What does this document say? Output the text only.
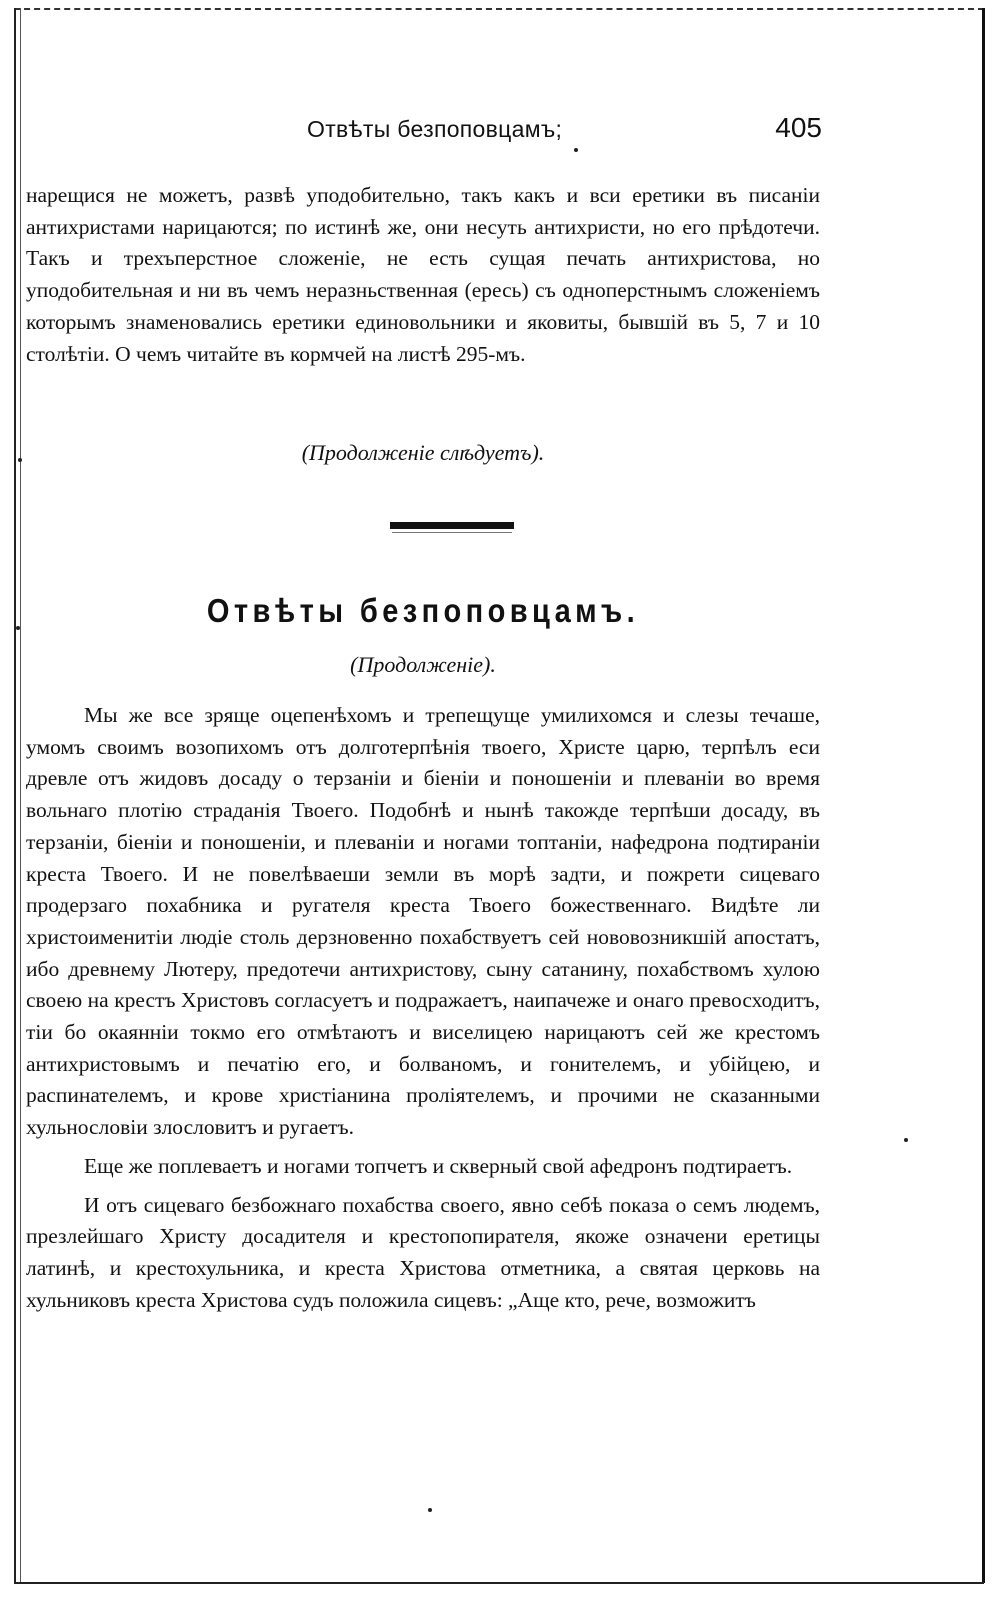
Отвѣты безпоповцамъ;	405

нарещися не можетъ, развѣ уподобительно, такъ какъ и вси еретики въ писаніи антихристами нарицаются; по истинѣ же, они несуть антихристи, но его прѣдотечи. Такъ и трехъперстное сложеніе, не есть сущая печать антихристова, но уподобительная и ни въ чемъ неразньственная (ересь) съ одноперстнымъ сложеніемъ которымъ знаменовались еретики единовольники и яковиты, бывшій въ 5, 7 и 10 столѣтіи. О чемъ читайте въ кормчей на листѣ 295-мъ.

(Продолженіе слѣдуетъ).
Отвѣты безпоповцамъ.
(Продолженіе).

Мы же все зряще оцепенѣхомъ и трепещуще умилихомся и слезы течаше, умомъ своимъ возопихомъ отъ долготерпѣнія твоего, Христе царю, терпѣлъ еси древле отъ жидовъ досаду о терзаніи и біеніи и поношеніи и плеваніи во время вольнаго плотію страданія Твоего. Подобнѣ и нынѣ такожде терпѣши досаду, въ терзаніи, біеніи и поношеніи, и плеваніи и ногами топтаніи, нафедрона подтираніи креста Твоего. И не повелѣваеши земли въ морѣ задти, и пожрети сицеваго продерзаго похабника и ругателя креста Твоего божественнаго. Видѣте ли христоименитіи людіе столь дерзновенно похабствуетъ сей нововозникшій апостатъ, ибо древнему Лютеру, предотечи антихристову, сыну сатанину, похабствомъ хулою своею на крестъ Христовъ согласуетъ и подражаетъ, наипачеже и онаго превосходитъ, тіи бо окаянніи токмо его отмѣтаютъ и виселицею нарицаютъ сей же крестомъ антихристовымъ и печатію его, и болваномъ, и гонителемъ, и убійцею, и распинателемъ, и крове христіанина проліятелемъ, и прочими не сказанными хульнословіи злословитъ и ругаетъ.

Еще же поплеваетъ и ногами топчетъ и скверный свой афедронъ подтираетъ.

И отъ сицеваго безбожнаго похабства своего, явно себѣ показа о семъ людемъ, презлейшаго Христу досадителя и крестопопирателя, якоже означени еретицы латинѣ, и крестохульника, и креста Христова отметника, а святая церковь на хульниковъ креста Христова судъ положила сицевъ: „Аще кто, рече, возможитъ
